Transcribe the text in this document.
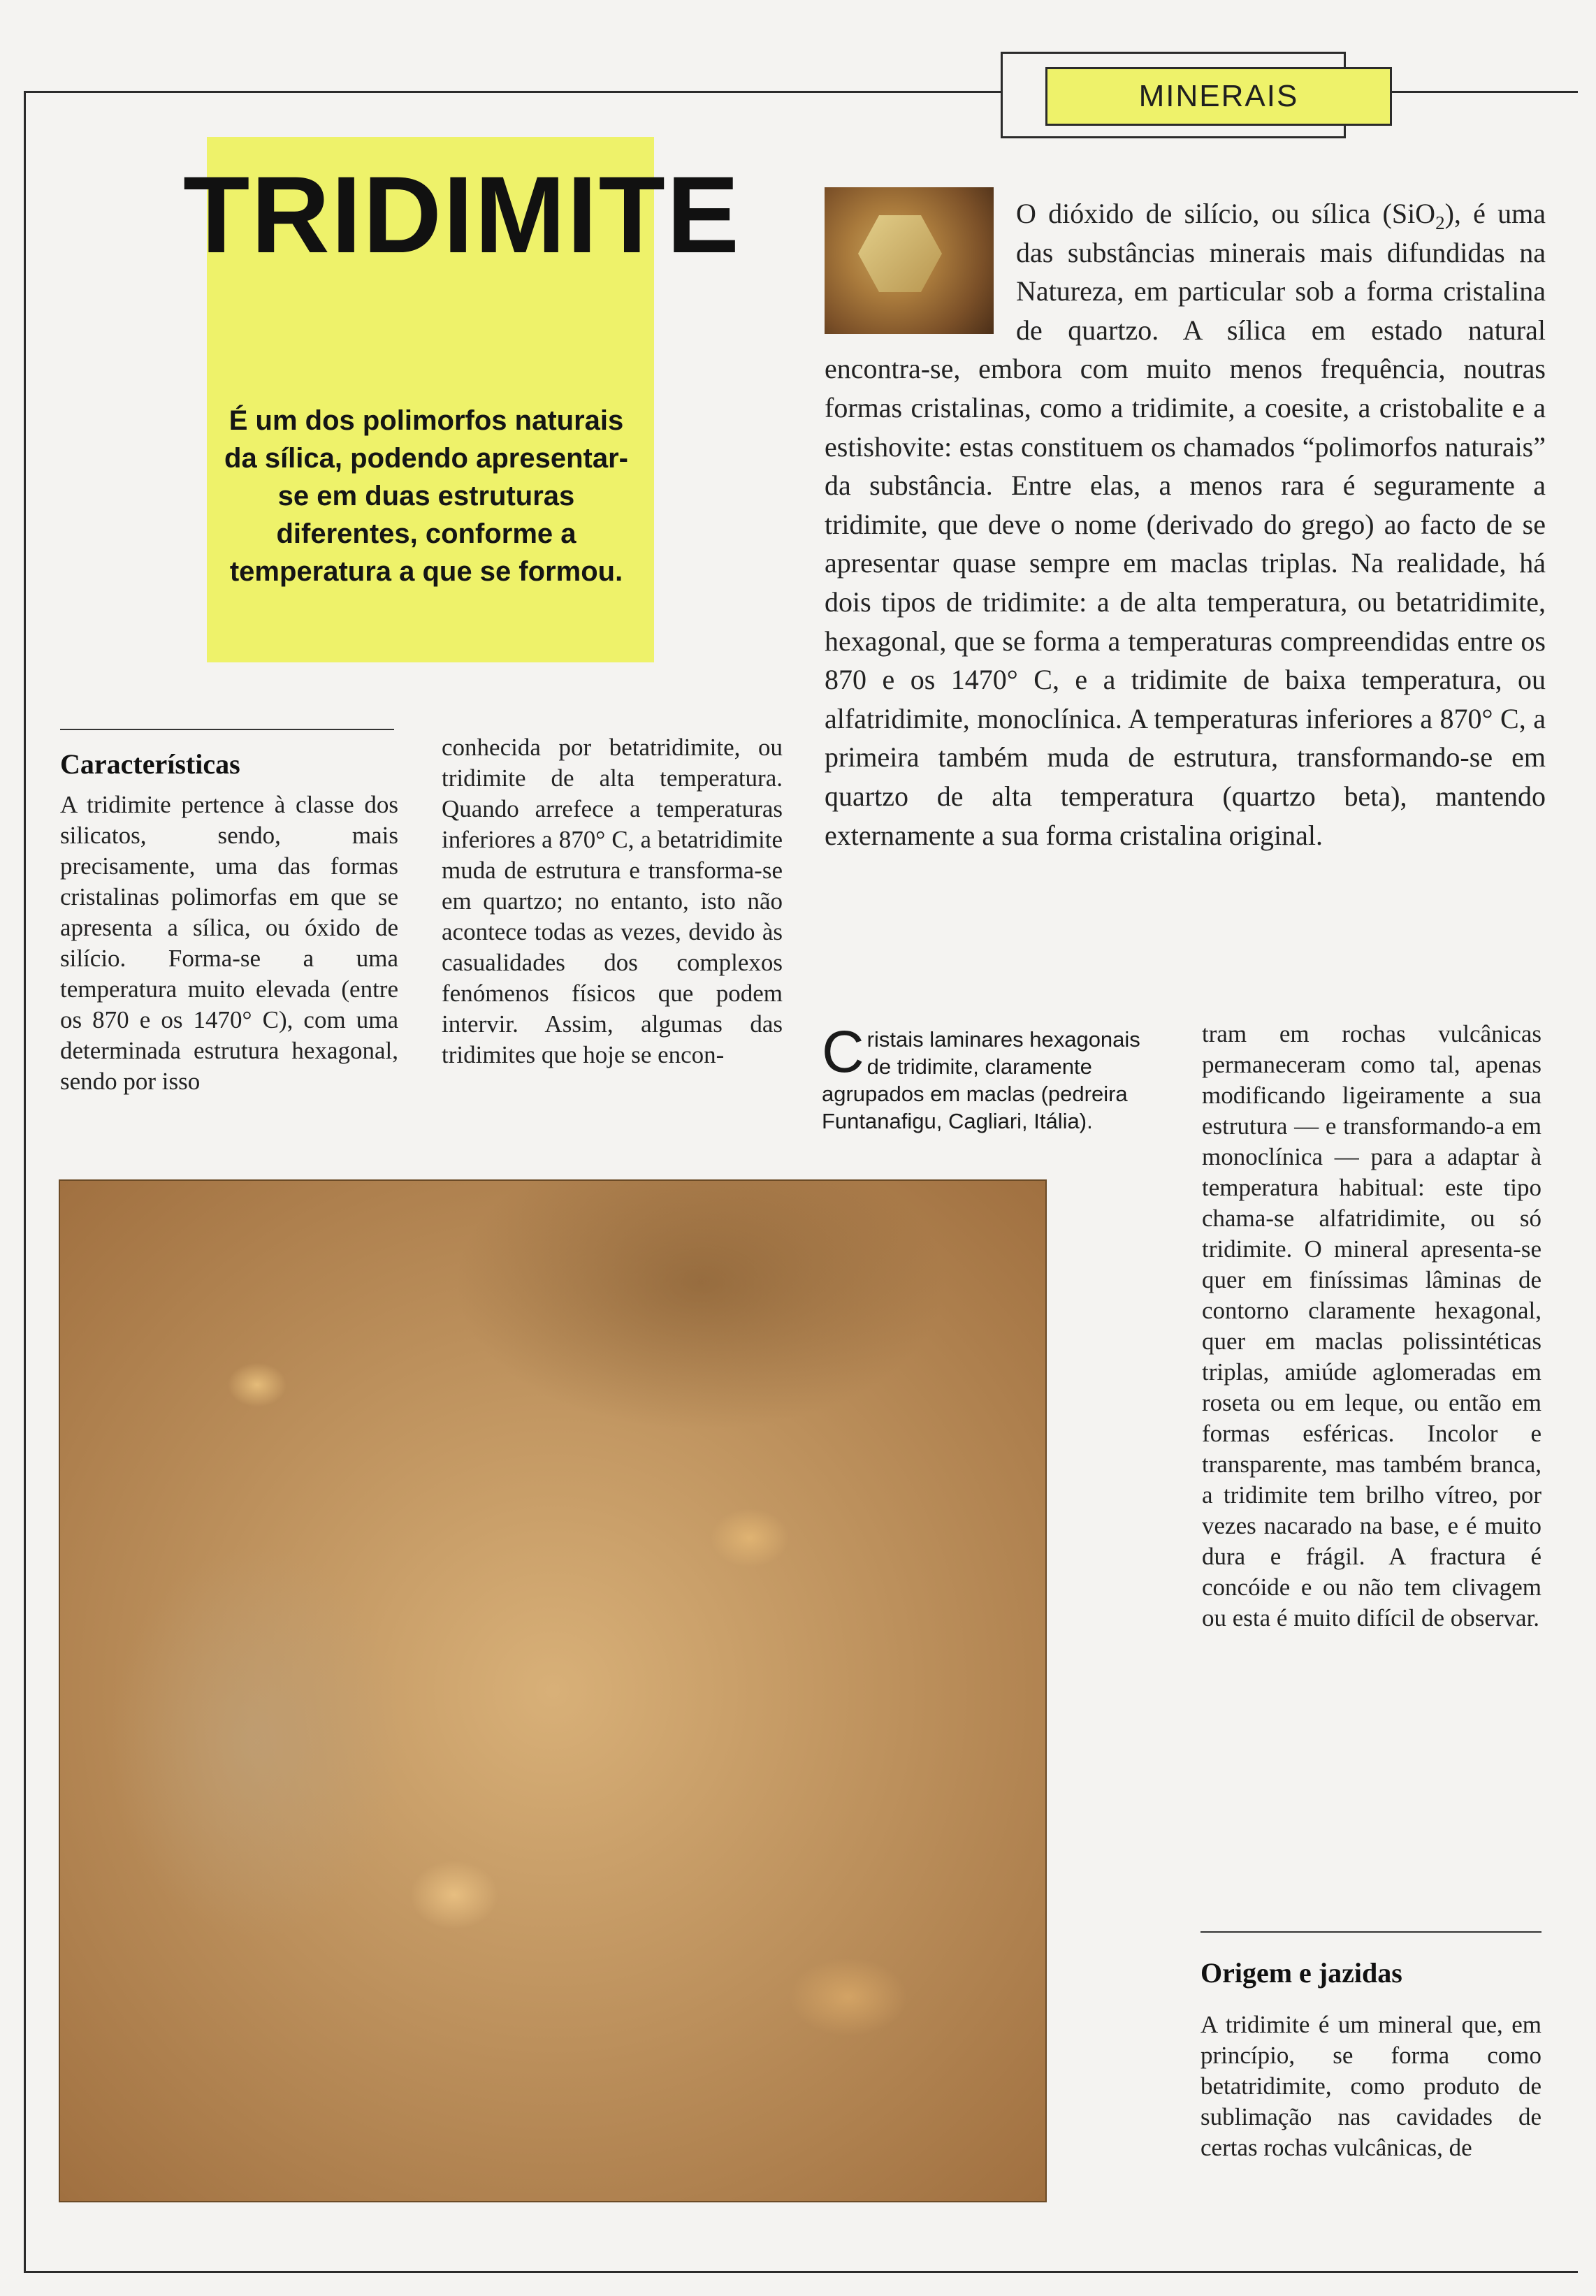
MINERAIS
TRIDIMITE
É um dos polimorfos naturais da sílica, podendo apresentar-se em duas estruturas diferentes, conforme a temperatura a que se formou.
Características
A tridimite pertence à classe dos silicatos, sendo, mais precisamente, uma das formas cristalinas polimorfas em que se apresenta a sílica, ou óxido de silício. Forma-se a uma temperatura muito elevada (entre os 870 e os 1470° C), com uma determinada estrutura hexagonal, sendo por isso
conhecida por betatridimite, ou tridimite de alta temperatura. Quando arrefece a temperaturas inferiores a 870° C, a betatridimite muda de estrutura e transforma-se em quartzo; no entanto, isto não acontece todas as vezes, devido às casualidades dos complexos fenómenos físicos que podem intervir. Assim, algumas das tridimites que hoje se encon-
O dióxido de silício, ou sílica (SiO$_2$), é uma das substâncias minerais mais difundidas na Natureza, em particular sob a forma cristalina de quartzo. A sílica em estado natural encontra-se, embora com muito menos frequência, noutras formas cristalinas, como a tridimite, a coesite, a cristobalite e a estishovite: estas constituem os chamados “polimorfos naturais” da substância. Entre elas, a menos rara é seguramente a tridimite, que deve o nome (derivado do grego) ao facto de se apresentar quase sempre em maclas triplas. Na realidade, há dois tipos de tridimite: a de alta temperatura, ou betatridimite, hexagonal, que se forma a temperaturas compreendidas entre os 870 e os 1470° C, e a tridimite de baixa temperatura, ou alfatridimite, monoclínica. A temperaturas inferiores a 870° C, a primeira também muda de estrutura, transformando-se em quartzo de alta temperatura (quartzo beta), mantendo externamente a sua forma cristalina original.
Cristais laminares hexagonais de tridimite, claramente agrupados em maclas (pedreira Funtanafigu, Cagliari, Itália).
tram em rochas vulcânicas permaneceram como tal, apenas modificando ligeiramente a sua estrutura — e transformando-a em monoclínica — para a adaptar à temperatura habitual: este tipo chama-se alfatridimite, ou só tridimite. O mineral apresenta-se quer em finíssimas lâminas de contorno claramente hexagonal, quer em maclas polissintéticas triplas, amiúde aglomeradas em roseta ou em leque, ou então em formas esféricas. Incolor e transparente, mas também branca, a tridimite tem brilho vítreo, por vezes nacarado na base, e é muito dura e frágil. A fractura é concóide e ou não tem clivagem ou esta é muito difícil de observar.
Origem e jazidas
A tridimite é um mineral que, em princípio, se forma como betatridimite, como produto de sublimação nas cavidades de certas rochas vulcânicas, de
